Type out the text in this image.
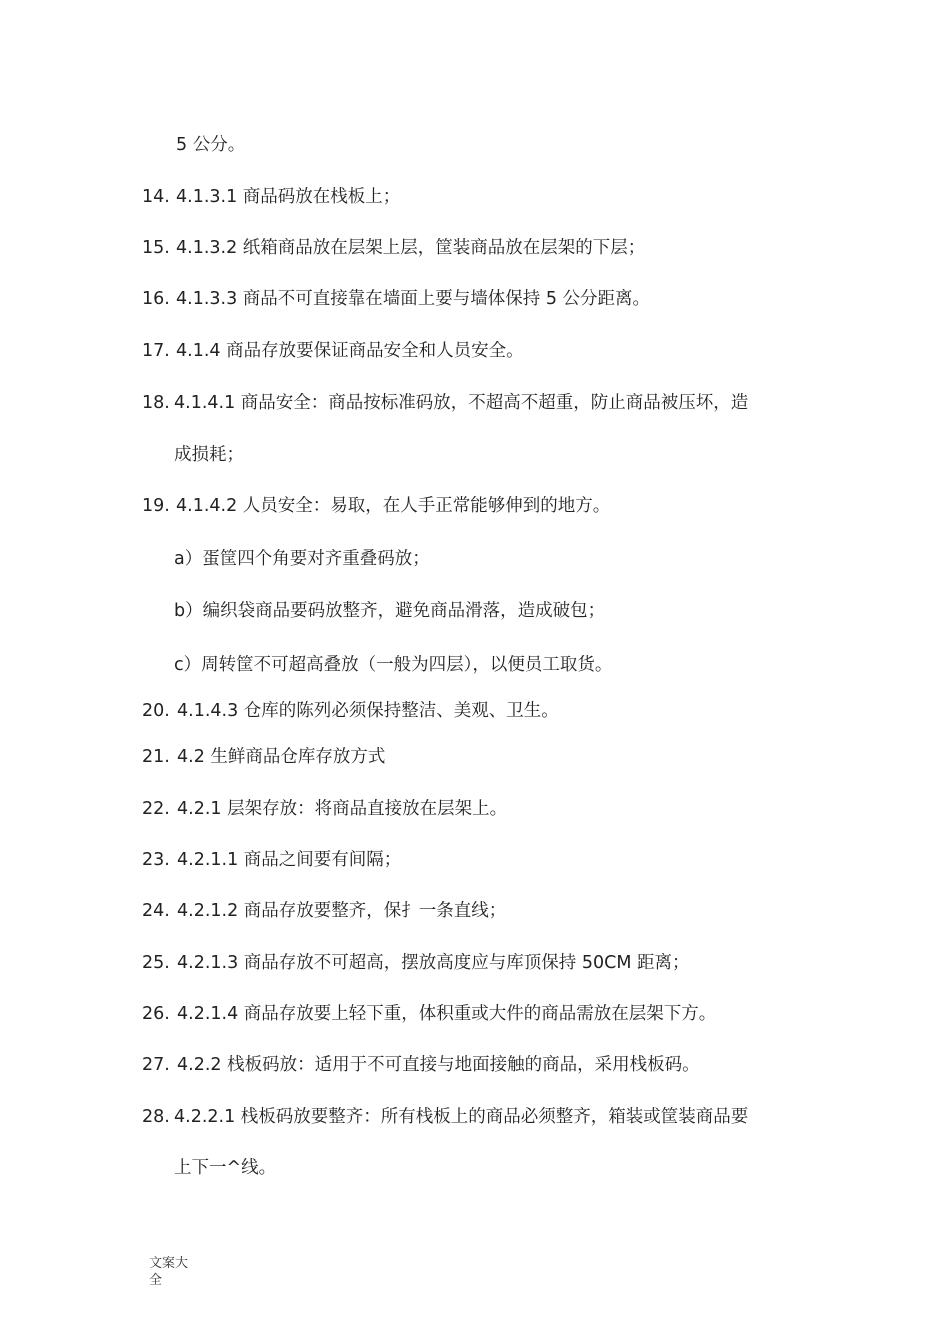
5 公分。
14. 4.1.3.1 商品码放在栈板上；
15. 4.1.3.2 纸箱商品放在层架上层，筐装商品放在层架的下层；
16. 4.1.3.3 商品不可直接靠在墙面上要与墙体保持 5 公分距离。
17. 4.1.4 商品存放要保证商品安全和人员安全。
18. 4.1.4.1 商品安全：商品按标准码放，不超高不超重，防止商品被压坏，造
成损耗；
19. 4.1.4.2 人员安全：易取，在人手正常能够伸到的地方。
a）蛋筐四个角要对齐重叠码放；
b）编织袋商品要码放整齐，避免商品滑落，造成破包；
c）周转筐不可超高叠放（一般为四层），以便员工取货。
20. 4.1.4.3 仓库的陈列必须保持整洁、美观、卫生。
21. 4.2 生鲜商品仓库存放方式
22. 4.2.1 层架存放：将商品直接放在层架上。
23. 4.2.1.1 商品之间要有间隔；
24. 4.2.1.2 商品存放要整齐，保扌一条直线；
25. 4.2.1.3 商品存放不可超高，摆放高度应与库顶保持 50CM 距离；
26. 4.2.1.4 商品存放要上轻下重，体积重或大件的商品需放在层架下方。
27. 4.2.2 栈板码放：适用于不可直接与地面接触的商品，采用栈板码。
28. 4.2.2.1 栈板码放要整齐：所有栈板上的商品必须整齐，箱装或筐装商品要
上下一^线。
文案大全
